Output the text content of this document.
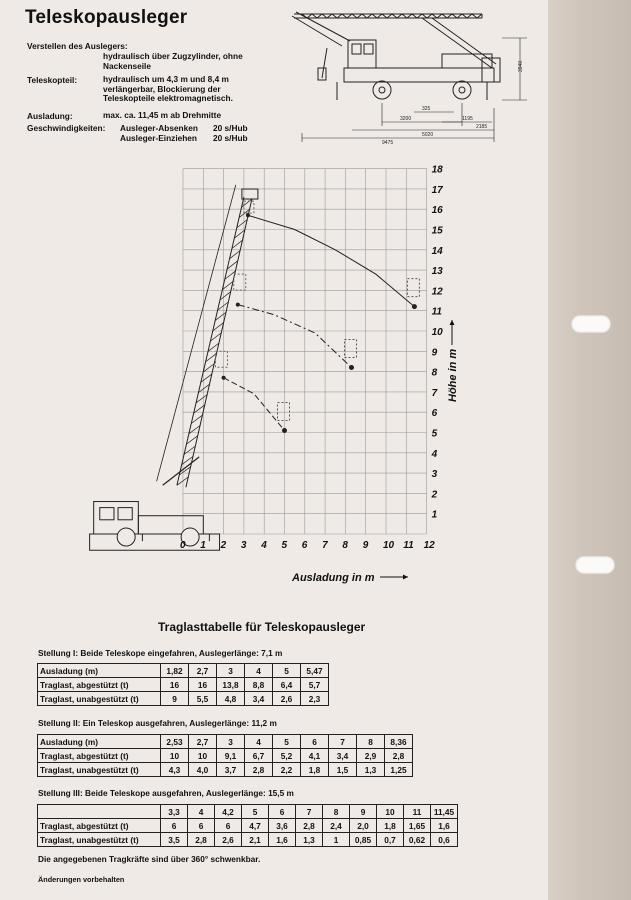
Teleskopausleger
Verstellen des Auslegers:
hydraulisch über Zugzylinder, ohne Nackenseile
Teleskopteil:	hydraulisch um 4,3 m und 8,4 m verlängerbar, Blockierung der Teleskopteile elektromagnetisch.
Ausladung:	max. ca. 11,45 m ab Drehmitte
Geschwindigkeiten: Ausleger-Absenken 20 s/Hub
Ausleger-Einziehen 20 s/Hub
3940
325
3200	1195
2185
5020
9475
0 1 2 3 4 5 6 7 8 9 10 11 12
1
2
3
4
5
6
7
8
9
10
11
12
13
14
15
16
17
18
Ausladung in m
Höhe in m
Traglasttabelle für Teleskopausleger
Stellung I: Beide Teleskope eingefahren, Auslegerlänge: 7,1 m
Ausladung (m)	1,82	2,7	3	4	5	5,47
Traglast, abgestützt (t)	16	16	13,8	8,8	6,4	5,7
Traglast, unabgestützt (t)	9	5,5	4,8	3,4	2,6	2,3
Stellung II: Ein Teleskop ausgefahren, Auslegerlänge: 11,2 m
Ausladung (m)	2,53	2,7	3	4	5	6	7	8	8,36
Traglast, abgestützt (t)	10	10	9,1	6,7	5,2	4,1	3,4	2,9	2,8
Traglast, unabgestützt (t)	4,3	4,0	3,7	2,8	2,2	1,8	1,5	1,3	1,25
Stellung III: Beide Teleskope ausgefahren, Auslegerlänge: 15,5 m
	3,3	4	4,2	5	6	7	8	9	10	11	11,45
Traglast, abgestützt (t)	6	6	6	4,7	3,6	2,8	2,4	2,0	1,8	1,65	1,6
Traglast, unabgestützt (t)	3,5	2,8	2,6	2,1	1,6	1,3	1	0,85	0,7	0,62	0,6
Die angegebenen Tragkräfte sind über 360° schwenkbar.
Änderungen vorbehalten
